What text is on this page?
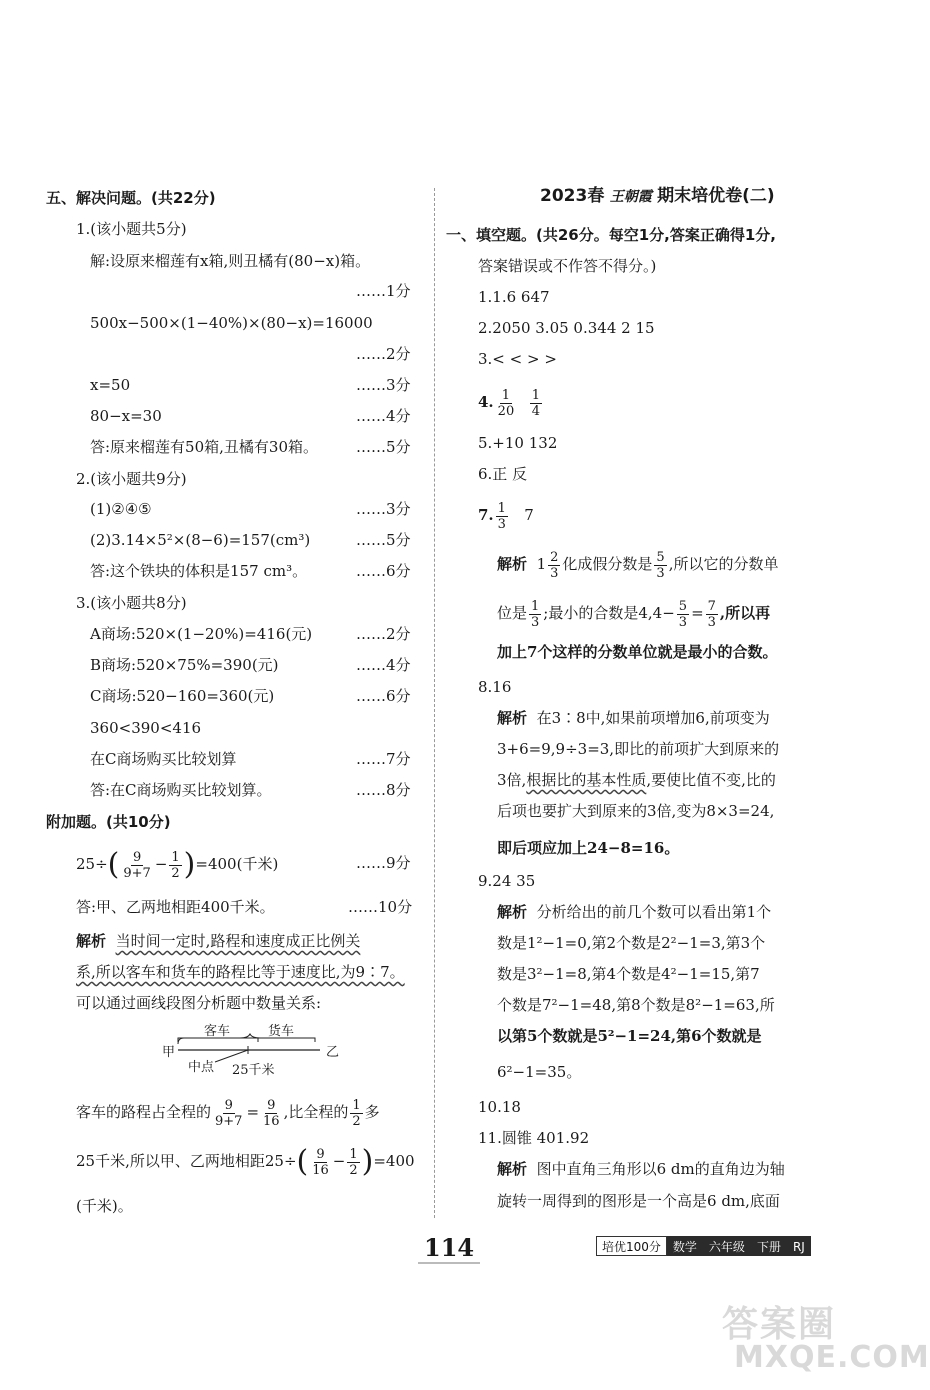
五、解决问题。(共22分)
1.(该小题共5分)
解:设原来榴莲有x箱,则丑橘有(80−x)箱。
……1分
500x−500×(1−40%)×(80−x)=16000
……2分
x=50	……3分
80−x=30	……4分
答:原来榴莲有50箱,丑橘有30箱。	……5分
2.(该小题共9分)
(1)②④⑤	……3分
(2)3.14×5²×(8−6)=157(cm³)	……5分
答:这个铁块的体积是157 cm³。	……6分
3.(该小题共8分)
A商场:520×(1−20%)=416(元)	……2分
B商场:520×75%=390(元)	……4分
C商场:520−160=360(元)	……6分
360<390<416
在C商场购买比较划算	……7分
答:在C商场购买比较划算。	……8分
附加题。(共10分)
$25\div( \frac{9}{9+7} - \frac{1}{2} )=400$(千米)	……9分
答:甲、乙两地相距400千米。	……10分
解析 当时间一定时,路程和速度成正比例关
系,所以客车和货车的路程比等于速度比,为9∶7。
可以通过画线段图分析题中数量关系:
客车	货车
甲	乙
中点 25千米
客车的路程占全程的 $\frac{9}{9+7} = \frac{9}{16}$ ,比全程的 $\frac{1}{2}$ 多
25千米,所以甲、乙两地相距$25\div( \frac{9}{16} - \frac{1}{2} )=400$
(千米)。
2023春 王朝霞 期末培优卷(二)
一、填空题。(共26分。每空1分,答案正确得1分,
答案错误或不作答不得分。)
1.1.6 647
2.2050 3.05 0.344 2 15
3.< < > >
4. $\frac{1}{20}$
$\frac{1}{4}$
5.+10 132
6.正 反
7. $\frac{1}{3} 7$
解析 $1 \frac{2}{3}$ 化成假分数是 $\frac{5}{3}$ ,所以它的分数单
位是 $\frac{1}{3}$ ;最小的合数是$4,4- \frac{5}{3} = \frac{7}{3}$ ,所以再
加上7个这样的分数单位就是最小的合数。
8.16
解析 在3∶8中,如果前项增加6,前项变为
3+6=9,9÷3=3,即比的前项扩大到原来的
3倍,根据比的基本性质,要使比值不变,比的
后项也要扩大到原来的3倍,变为8×3=24,
即后项应加上24−8=16。
9.24 35
解析 分析给出的前几个数可以看出第1个
数是1²−1=0,第2个数是2²−1=3,第3个
数是3²−1=8,第4个数是4²−1=15,第7
个数是7²−1=48,第8个数是8²−1=63,所
以第5个数就是5²−1=24,第6个数就是
6²−1=35。
10.18
11.圆锥 401.92
解析 图中直角三角形以6 dm的直角边为轴
旋转一周得到的图形是一个高是6 dm,底面
114	培优100分	数学	六年级	下册	RJ
答案圈
MXQE.COM
